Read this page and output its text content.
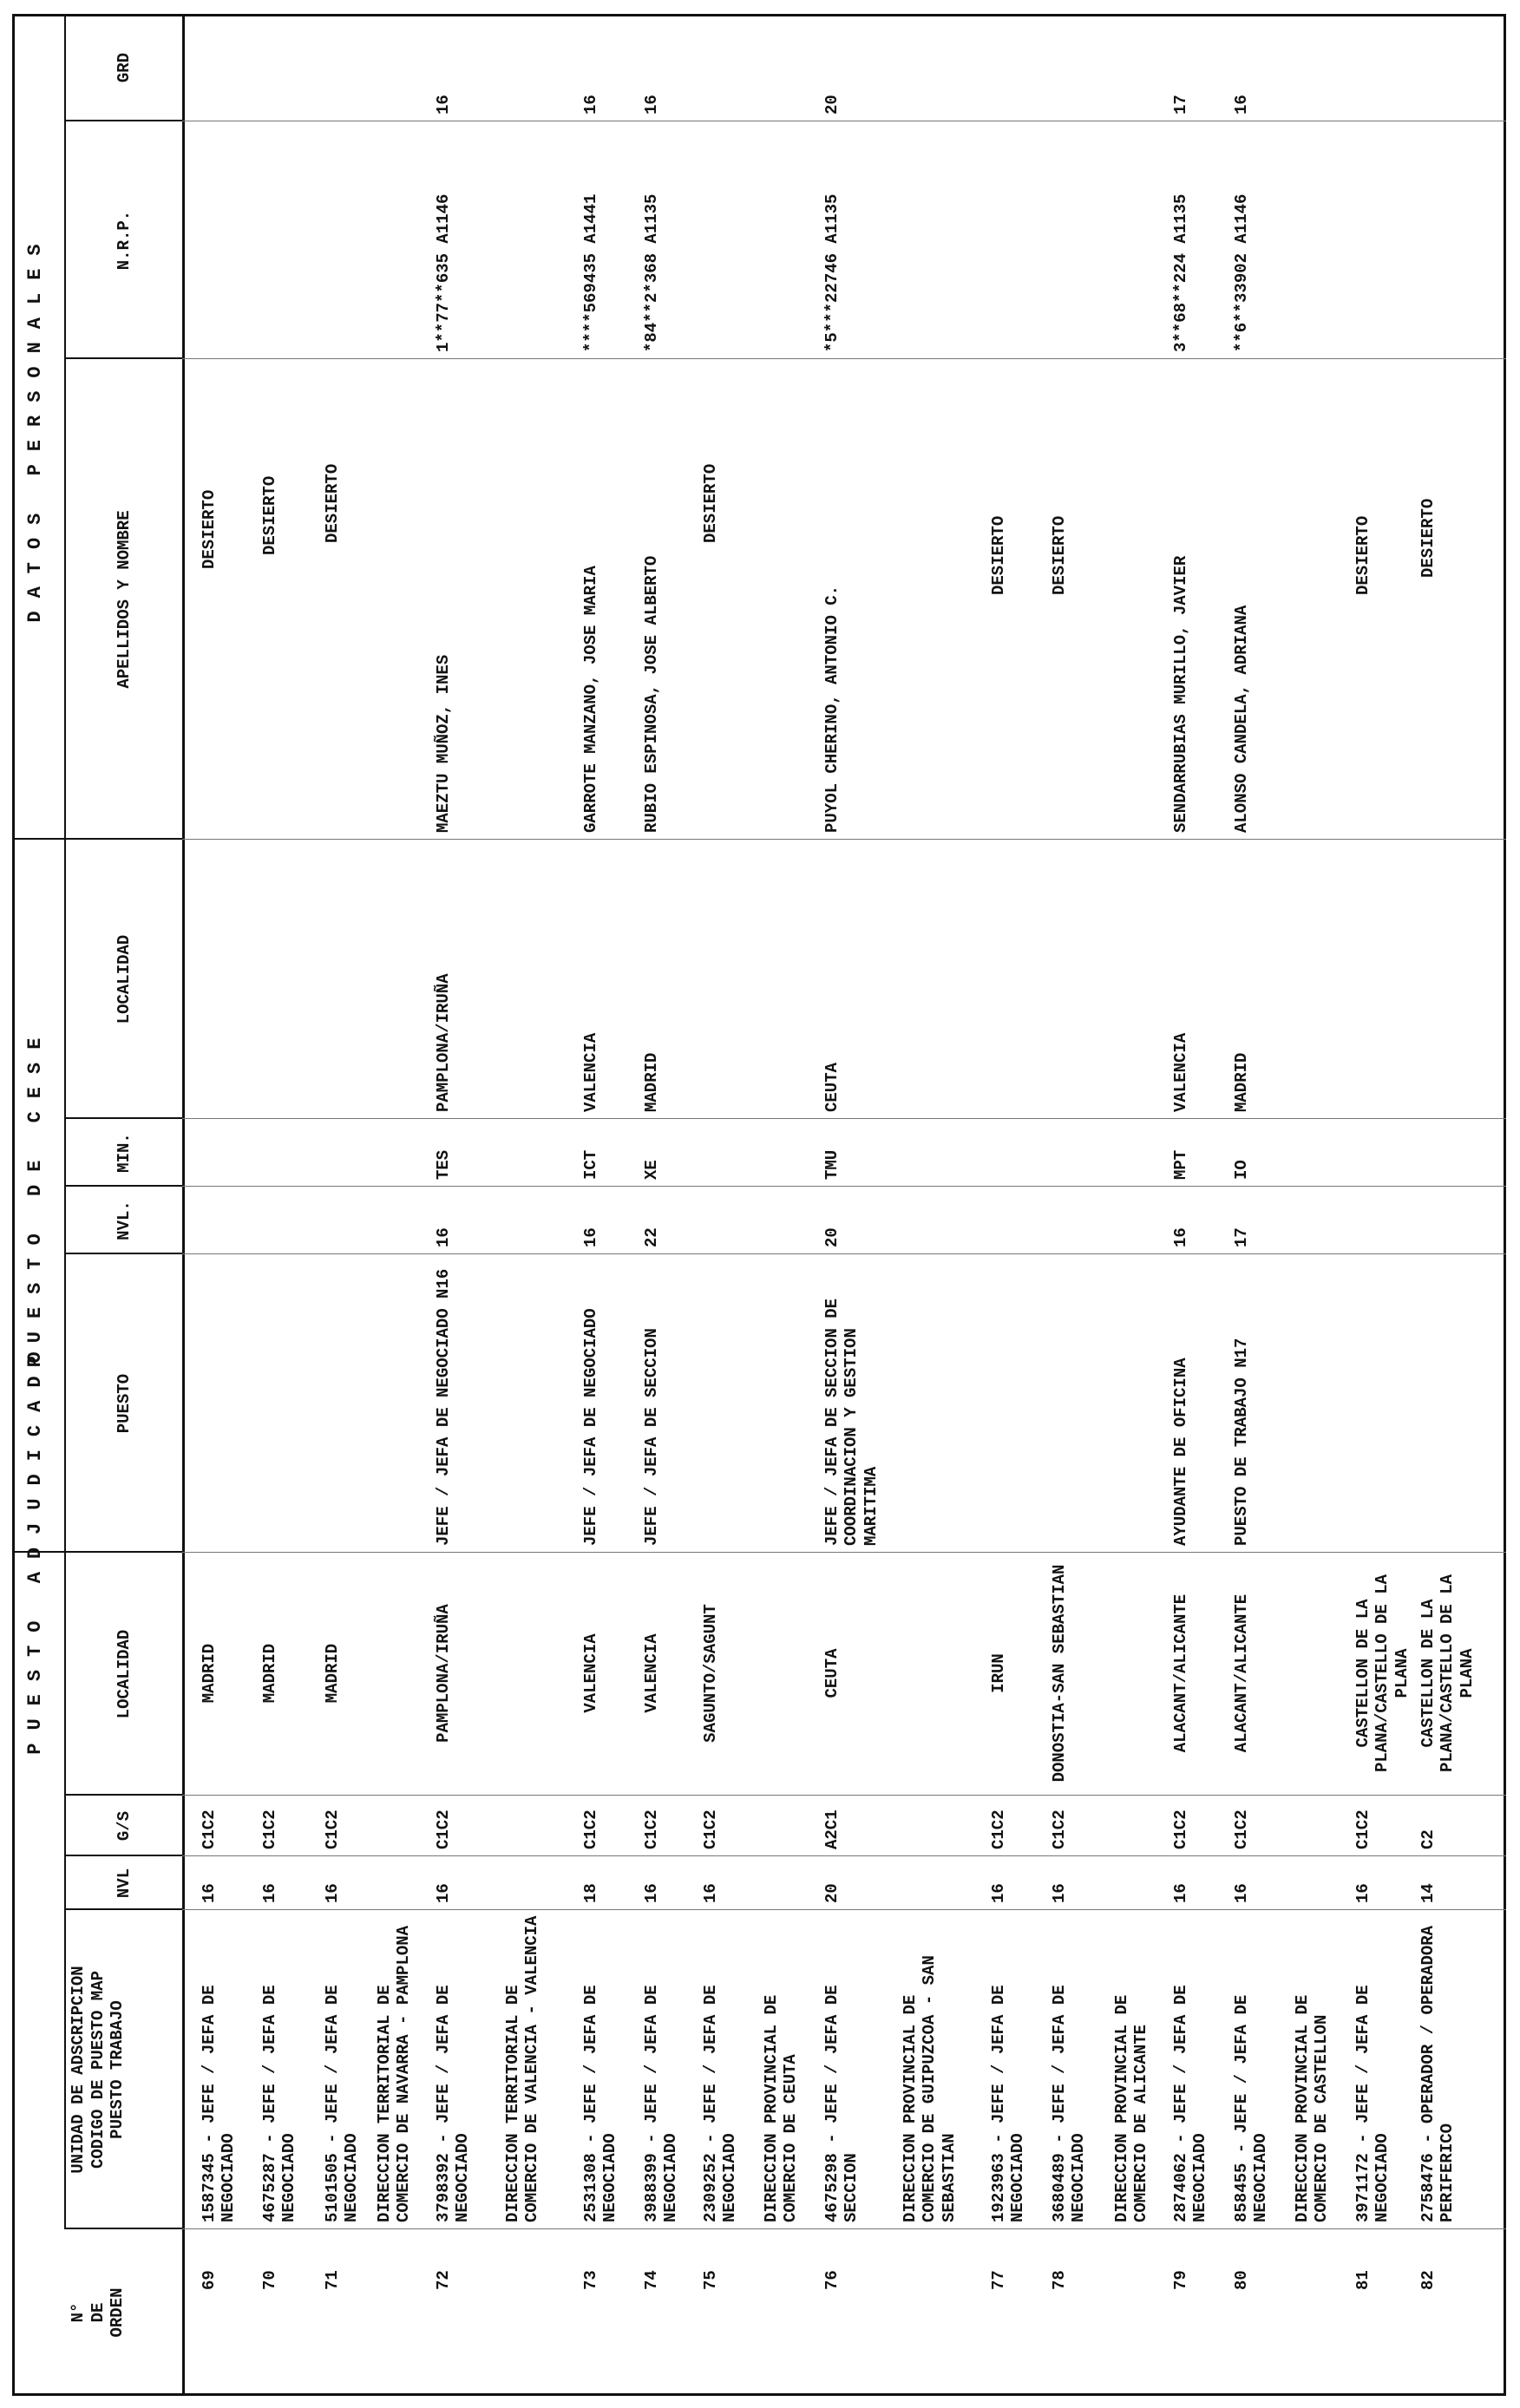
PUESTO ADJUDICADO
PUESTO DE CESE
DATOS PERSONALES
N°
DE
ORDEN
UNIDAD DE ADSCRIPCION
CODIGO DE PUESTO MAP
PUESTO TRABAJO
NVL
G/S
LOCALIDAD
PUESTO
NVL.
MIN.
LOCALIDAD
APELLIDOS Y NOMBRE
N.R.P.
GRD
69
1587345 - JEFE / JEFA DE NEGOCIADO
16
C1C2
MADRID
DESIERTO
70
4675287 - JEFE / JEFA DE NEGOCIADO
16
C1C2
MADRID
DESIERTO
71
5101505 - JEFE / JEFA DE NEGOCIADO
16
C1C2
MADRID
DESIERTO
DIRECCION TERRITORIAL DE COMERCIO DE NAVARRA - PAMPLONA
72
3798392 - JEFE / JEFA DE NEGOCIADO
16
C1C2
PAMPLONA/IRUÑA
JEFE / JEFA DE NEGOCIADO N16
16
TES
PAMPLONA/IRUÑA
MAEZTU MUÑOZ, INES
1**77**635 A1146
16
DIRECCION TERRITORIAL DE COMERCIO DE VALENCIA - VALENCIA
73
2531308 - JEFE / JEFA DE NEGOCIADO
18
C1C2
VALENCIA
JEFE / JEFA DE NEGOCIADO
16
ICT
VALENCIA
GARROTE MANZANO, JOSE MARIA
****569435 A1441
16
74
3988399 - JEFE / JEFA DE NEGOCIADO
16
C1C2
VALENCIA
JEFE / JEFA DE SECCION
22
XE
MADRID
RUBIO ESPINOSA, JOSE ALBERTO
*84**2*368 A1135
16
75
2309252 - JEFE / JEFA DE NEGOCIADO
16
C1C2
SAGUNTO/SAGUNT
DESIERTO
DIRECCION PROVINCIAL DE COMERCIO DE CEUTA
76
4675298 - JEFE / JEFA DE SECCION
20
A2C1
CEUTA
JEFE / JEFA DE SECCION DE COORDINACION Y GESTION MARITIMA
20
TMU
CEUTA
PUYOL CHERINO, ANTONIO C.
*5***22746 A1135
20
DIRECCION PROVINCIAL DE COMERCIO DE GUIPUZCOA - SAN SEBASTIAN
77
1923963 - JEFE / JEFA DE NEGOCIADO
16
C1C2
IRUN
DESIERTO
78
3680489 - JEFE / JEFA DE NEGOCIADO
16
C1C2
DONOSTIA-SAN SEBASTIAN
DESIERTO
DIRECCION PROVINCIAL DE COMERCIO DE ALICANTE
79
2874062 - JEFE / JEFA DE NEGOCIADO
16
C1C2
ALACANT/ALICANTE
AYUDANTE DE OFICINA
16
MPT
VALENCIA
SENDARRUBIAS MURILLO, JAVIER
3**68**224 A1135
17
80
858455 - JEFE / JEFA DE NEGOCIADO
16
C1C2
ALACANT/ALICANTE
PUESTO DE TRABAJO N17
17
IO
MADRID
ALONSO CANDELA, ADRIANA
**6**33902 A1146
16
DIRECCION PROVINCIAL DE COMERCIO DE CASTELLON
81
3971172 - JEFE / JEFA DE NEGOCIADO
16
C1C2
CASTELLON DE LA PLANA/CASTELLO DE LA PLANA
DESIERTO
82
2758476 - OPERADOR / OPERADORA PERIFERICO
14
C2
CASTELLON DE LA PLANA/CASTELLO DE LA PLANA
DESIERTO
